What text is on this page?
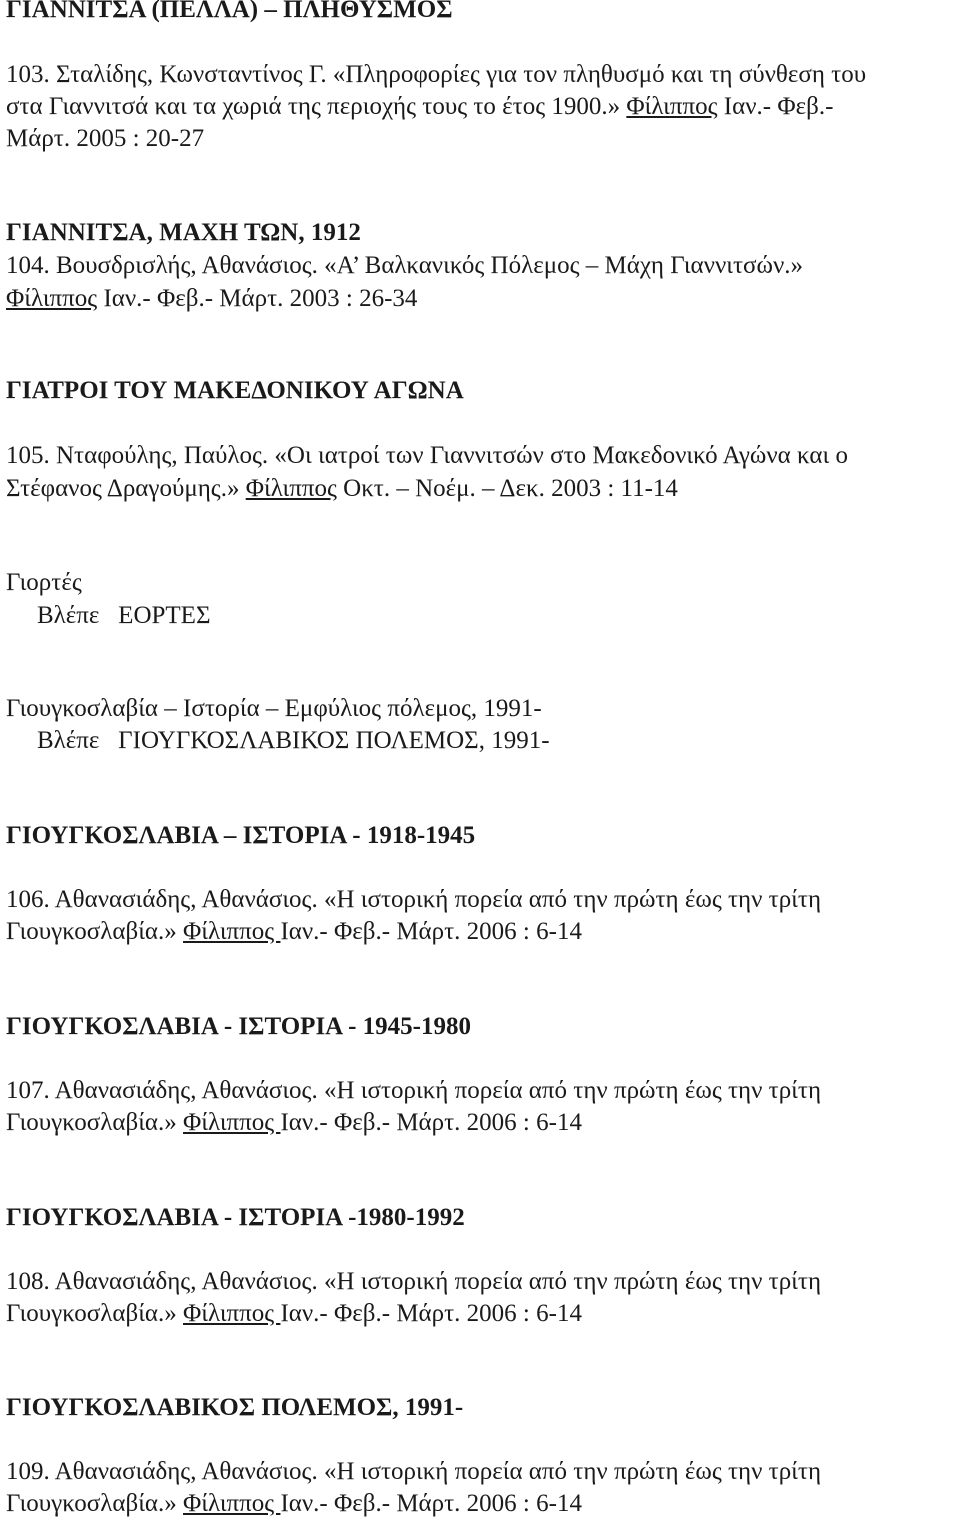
ΓΙΑΝΝΙΤΣΑ (ΠΕΛΛΑ) – ΠΛΗΘΥΣΜΟΣ
103. Σταλίδης, Κωνσταντίνος Γ. «Πληροφορίες για τον πληθυσμό και τη σύνθεση του
στα Γιαννιτσά και τα χωριά της περιοχής τους το έτος 1900.» Φίλιππος Ιαν.- Φεβ.-
Μάρτ. 2005 : 20-27
ΓΙΑΝΝΙΤΣΑ, ΜΑΧΗ ΤΩΝ, 1912
104. Βουσδρισλής, Αθανάσιος. «Α’ Βαλκανικός Πόλεμος – Μάχη Γιαννιτσών.»
Φίλιππος Ιαν.- Φεβ.- Μάρτ. 2003 : 26-34
ΓΙΑΤΡΟΙ ΤΟΥ ΜΑΚΕΔΟΝΙΚΟΥ ΑΓΩΝΑ
105. Νταφούλης, Παύλος. «Οι ιατροί των Γιαννιτσών στο Μακεδονικό Αγώνα και ο
Στέφανος Δραγούμης.» Φίλιππος Οκτ. – Νοέμ. – Δεκ. 2003 : 11-14
Γιορτές
Βλέπε ΕΟΡΤΕΣ
Γιουγκοσλαβία – Ιστορία – Εμφύλιος πόλεμος, 1991-
Βλέπε ΓΙΟΥΓΚΟΣΛΑΒΙΚΟΣ ΠΟΛΕΜΟΣ, 1991-
ΓΙΟΥΓΚΟΣΛΑΒΙΑ – ΙΣΤΟΡΙΑ - 1918-1945
106. Αθανασιάδης, Αθανάσιος. «Η ιστορική πορεία από την πρώτη έως την τρίτη
Γιουγκοσλαβία.» Φίλιππος Ιαν.- Φεβ.- Μάρτ. 2006 : 6-14
ΓΙΟΥΓΚΟΣΛΑΒΙΑ - ΙΣΤΟΡΙΑ - 1945-1980
107. Αθανασιάδης, Αθανάσιος. «Η ιστορική πορεία από την πρώτη έως την τρίτη
Γιουγκοσλαβία.» Φίλιππος Ιαν.- Φεβ.- Μάρτ. 2006 : 6-14
ΓΙΟΥΓΚΟΣΛΑΒΙΑ - ΙΣΤΟΡΙΑ -1980-1992
108. Αθανασιάδης, Αθανάσιος. «Η ιστορική πορεία από την πρώτη έως την τρίτη
Γιουγκοσλαβία.» Φίλιππος Ιαν.- Φεβ.- Μάρτ. 2006 : 6-14
ΓΙΟΥΓΚΟΣΛΑΒΙΚΟΣ ΠΟΛΕΜΟΣ, 1991-
109. Αθανασιάδης, Αθανάσιος. «Η ιστορική πορεία από την πρώτη έως την τρίτη
Γιουγκοσλαβία.» Φίλιππος Ιαν.- Φεβ.- Μάρτ. 2006 : 6-14
